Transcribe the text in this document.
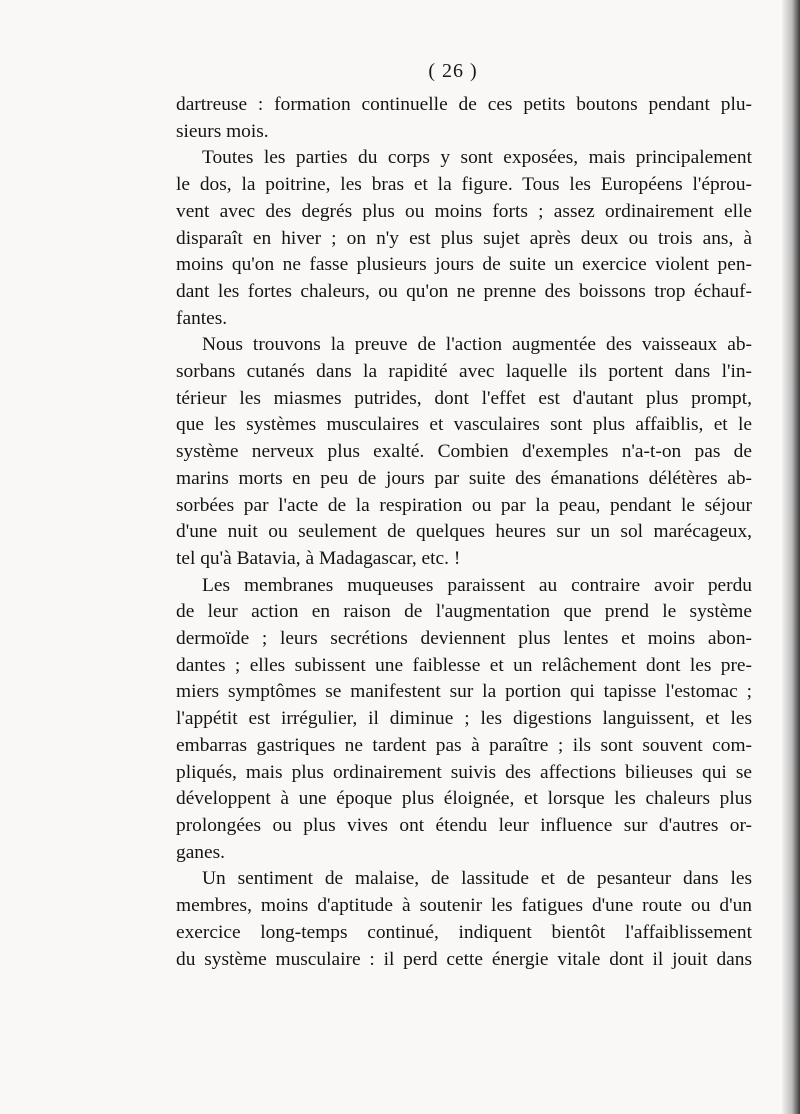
( 26 )

dartreuse : formation continuelle de ces petits boutons pendant plu-
sieurs mois.

Toutes les parties du corps y sont exposées, mais principalement
le dos, la poitrine, les bras et la figure. Tous les Européens l'éprou-
vent avec des degrés plus ou moins forts ; assez ordinairement elle
disparaît en hiver ; on n'y est plus sujet après deux ou trois ans, à
moins qu'on ne fasse plusieurs jours de suite un exercice violent pen-
dant les fortes chaleurs, ou qu'on ne prenne des boissons trop échauf-
fantes.

Nous trouvons la preuve de l'action augmentée des vaisseaux ab-
sorbans cutanés dans la rapidité avec laquelle ils portent dans l'in-
térieur les miasmes putrides, dont l'effet est d'autant plus prompt,
que les systèmes musculaires et vasculaires sont plus affaiblis, et le
système nerveux plus exalté. Combien d'exemples n'a-t-on pas de
marins morts en peu de jours par suite des émanations délétères ab-
sorbées par l'acte de la respiration ou par la peau, pendant le séjour
d'une nuit ou seulement de quelques heures sur un sol marécageux,
tel qu'à Batavia, à Madagascar, etc. !

Les membranes muqueuses paraissent au contraire avoir perdu
de leur action en raison de l'augmentation que prend le système
dermoïde ; leurs secrétions deviennent plus lentes et moins abon-
dantes ; elles subissent une faiblesse et un relâchement dont les pre-
miers symptômes se manifestent sur la portion qui tapisse l'estomac ;
l'appétit est irrégulier, il diminue ; les digestions languissent, et les
embarras gastriques ne tardent pas à paraître ; ils sont souvent com-
pliqués, mais plus ordinairement suivis des affections bilieuses qui se
développent à une époque plus éloignée, et lorsque les chaleurs plus
prolongées ou plus vives ont étendu leur influence sur d'autres or-
ganes.

Un sentiment de malaise, de lassitude et de pesanteur dans les
membres, moins d'aptitude à soutenir les fatigues d'une route ou d'un
exercice long-temps continué, indiquent bientôt l'affaiblissement
du système musculaire : il perd cette énergie vitale dont il jouit dans
